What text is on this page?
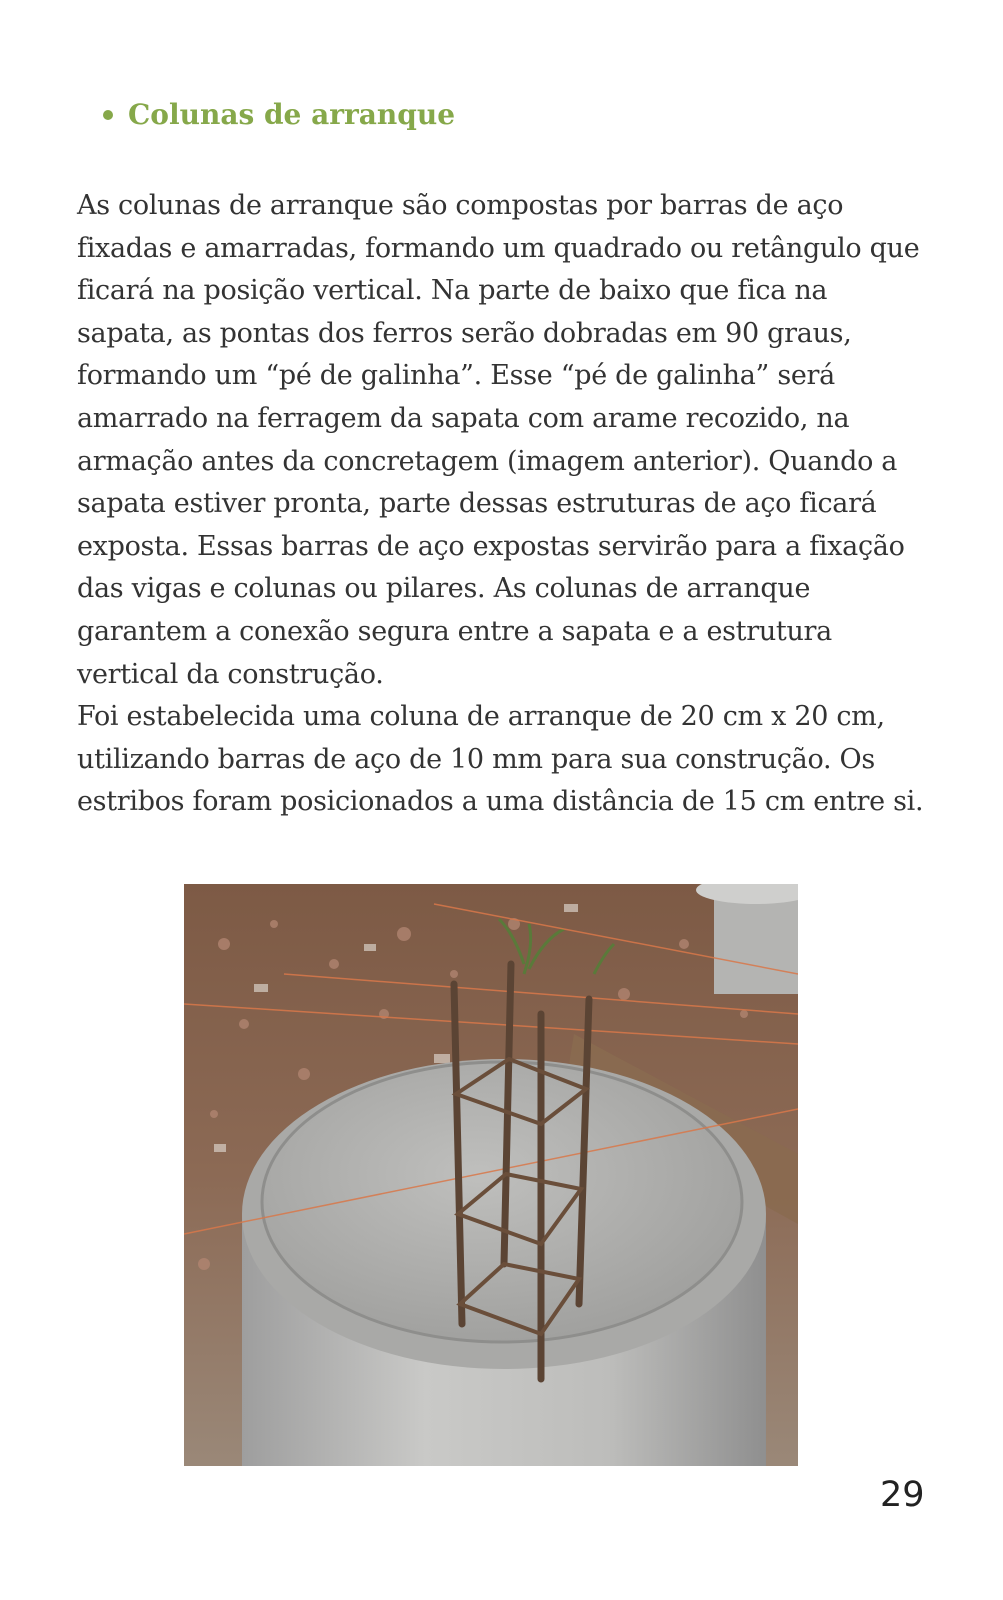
Colunas de arranque

As colunas de arranque são compostas por barras de aço fixadas e amarradas, formando um quadrado ou retângulo que ficará na posição vertical. Na parte de baixo que fica na sapata, as pontas dos ferros serão dobradas em 90 graus, formando um “pé de galinha”. Esse “pé de galinha” será amarrado na ferragem da sapata com arame recozido, na armação antes da concretagem (imagem anterior). Quando a sapata estiver pronta, parte dessas estruturas de aço ficará exposta. Essas barras de aço expostas servirão para a fixação das vigas e colunas ou pilares. As colunas de arranque garantem a conexão segura entre a sapata e a estrutura vertical da construção.

Foi estabelecida uma coluna de arranque de 20 cm x 20 cm, utilizando barras de aço de 10 mm para sua construção. Os estribos foram posicionados a uma distância de 15 cm entre si.

29
